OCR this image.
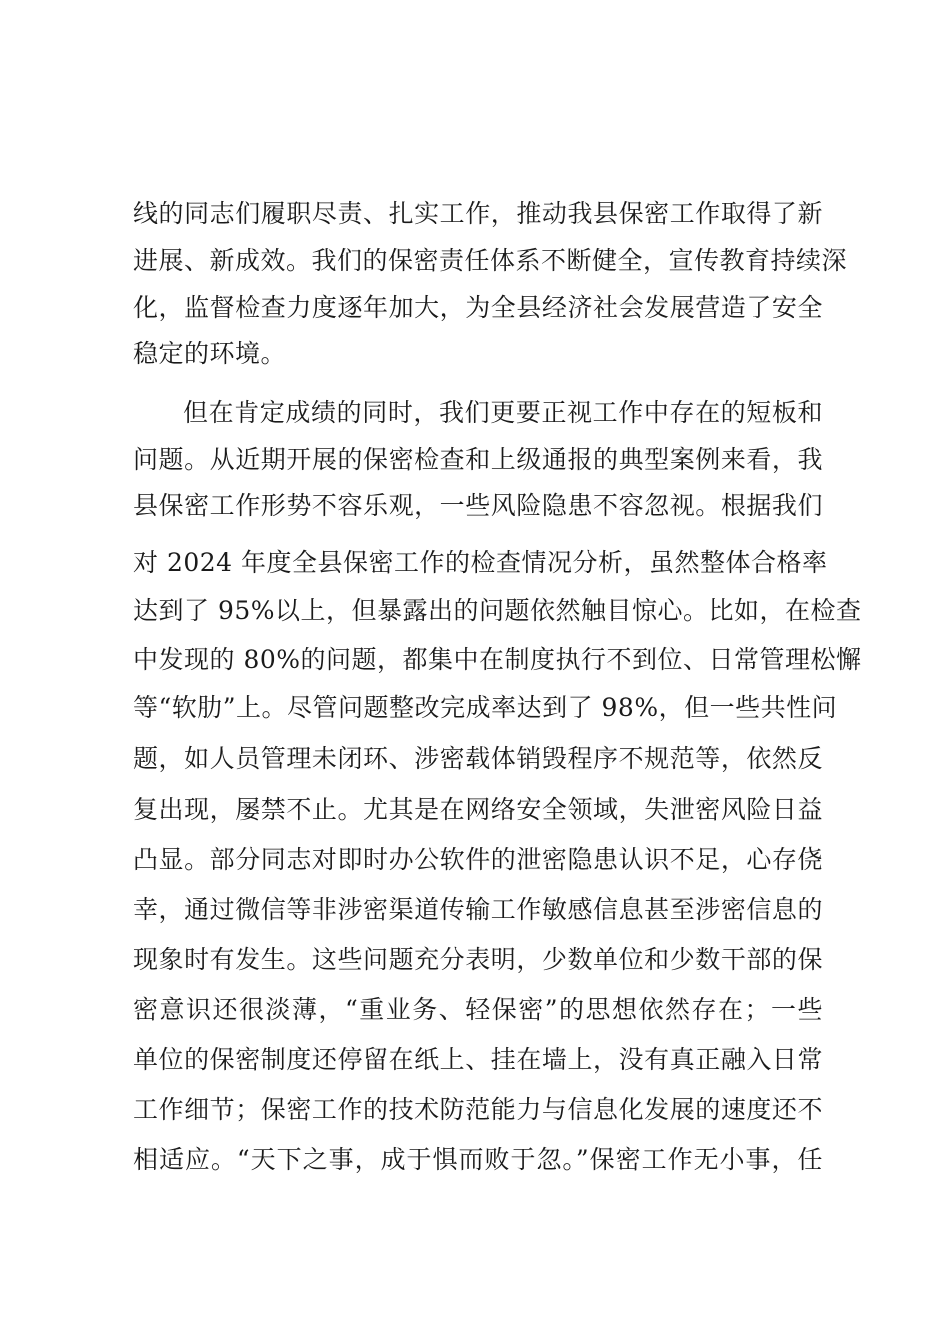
线的同志们履职尽责、扎实工作，推动我县保密工作取得了新
进展、新成效。我们的保密责任体系不断健全，宣传教育持续深
化，监督检查力度逐年加大，为全县经济社会发展营造了安全
稳定的环境。
但在肯定成绩的同时，我们更要正视工作中存在的短板和
问题。从近期开展的保密检查和上级通报的典型案例来看，我
县保密工作形势不容乐观，一些风险隐患不容忽视。根据我们
对 2024 年度全县保密工作的检查情况分析，虽然整体合格率
达到了 95%以上，但暴露出的问题依然触目惊心。比如，在检查
中发现的 80%的问题，都集中在制度执行不到位、日常管理松懈
等“软肋”上。尽管问题整改完成率达到了 98%，但一些共性问
题，如人员管理未闭环、涉密载体销毁程序不规范等，依然反
复出现，屡禁不止。尤其是在网络安全领域，失泄密风险日益
凸显。部分同志对即时办公软件的泄密隐患认识不足，心存侥
幸，通过微信等非涉密渠道传输工作敏感信息甚至涉密信息的
现象时有发生。这些问题充分表明，少数单位和少数干部的保
密意识还很淡薄，“重业务、轻保密”的思想依然存在；一些
单位的保密制度还停留在纸上、挂在墙上，没有真正融入日常
工作细节；保密工作的技术防范能力与信息化发展的速度还不
相适应。“天下之事，成于惧而败于忽。”保密工作无小事，任
